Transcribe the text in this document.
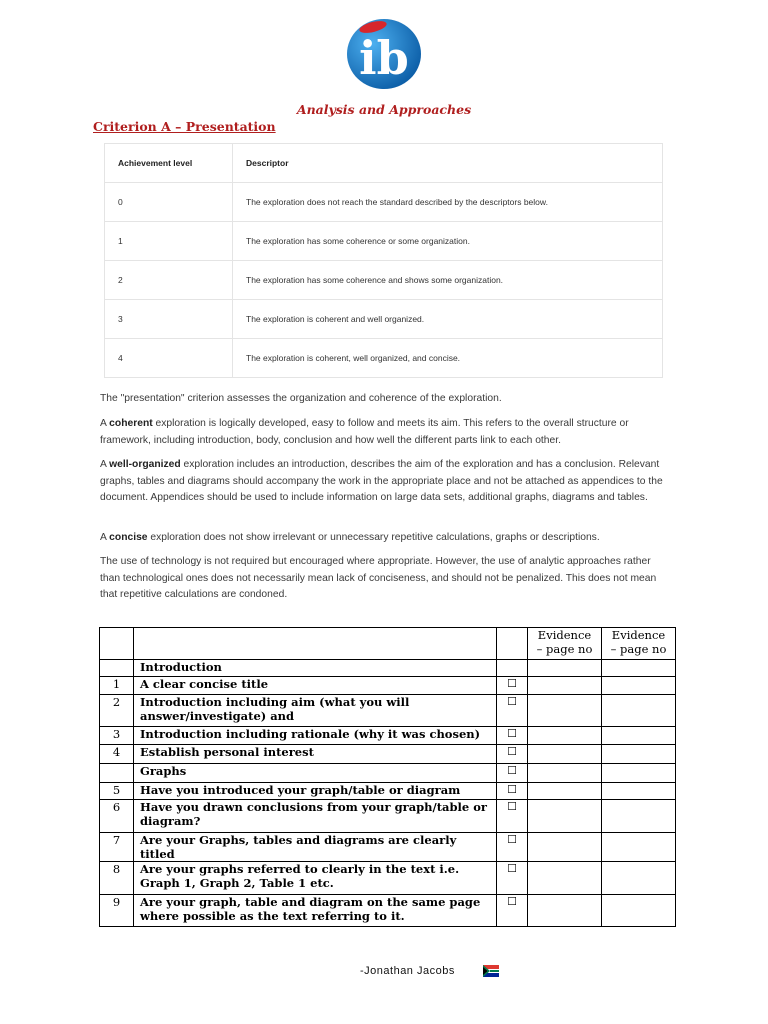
ib
Analysis and Approaches
Criterion A – Presentation
Achievement level	Descriptor
0	The exploration does not reach the standard described by the descriptors below.
1	The exploration has some coherence or some organization.
2	The exploration has some coherence and shows some organization.
3	The exploration is coherent and well organized.
4	The exploration is coherent, well organized, and concise.

The "presentation" criterion assesses the organization and coherence of the exploration.

A coherent exploration is logically developed, easy to follow and meets its aim. This refers to the overall structure or framework, including introduction, body, conclusion and how well the different parts link to each other.

A well-organized exploration includes an introduction, describes the aim of the exploration and has a conclusion. Relevant graphs, tables and diagrams should accompany the work in the appropriate place and not be attached as appendices to the document. Appendices should be used to include information on large data sets, additional graphs, diagrams and tables.

A concise exploration does not show irrelevant or unnecessary repetitive calculations, graphs or descriptions.

The use of technology is not required but encouraged where appropriate. However, the use of analytic approaches rather than technological ones does not necessarily mean lack of conciseness, and should not be penalized. This does not mean that repetitive calculations are condoned.

			Evidence – page no	Evidence – page no
	Introduction			
1	A clear concise title	☐		
2	Introduction including aim (what you will answer/investigate) and	☐		
3	Introduction including rationale (why it was chosen)	☐		
4	Establish personal interest	☐		
	Graphs	☐		
5	Have you introduced your graph/table or diagram	☐		
6	Have you drawn conclusions from your graph/table or diagram?	☐		
7	Are your Graphs, tables and diagrams are clearly titled	☐		
8	Are your graphs referred to clearly in the text i.e. Graph 1, Graph 2, Table 1 etc.	☐		
9	Are your graph, table and diagram on the same page where possible as the text referring to it.	☐		
-Jonathan Jacobs
